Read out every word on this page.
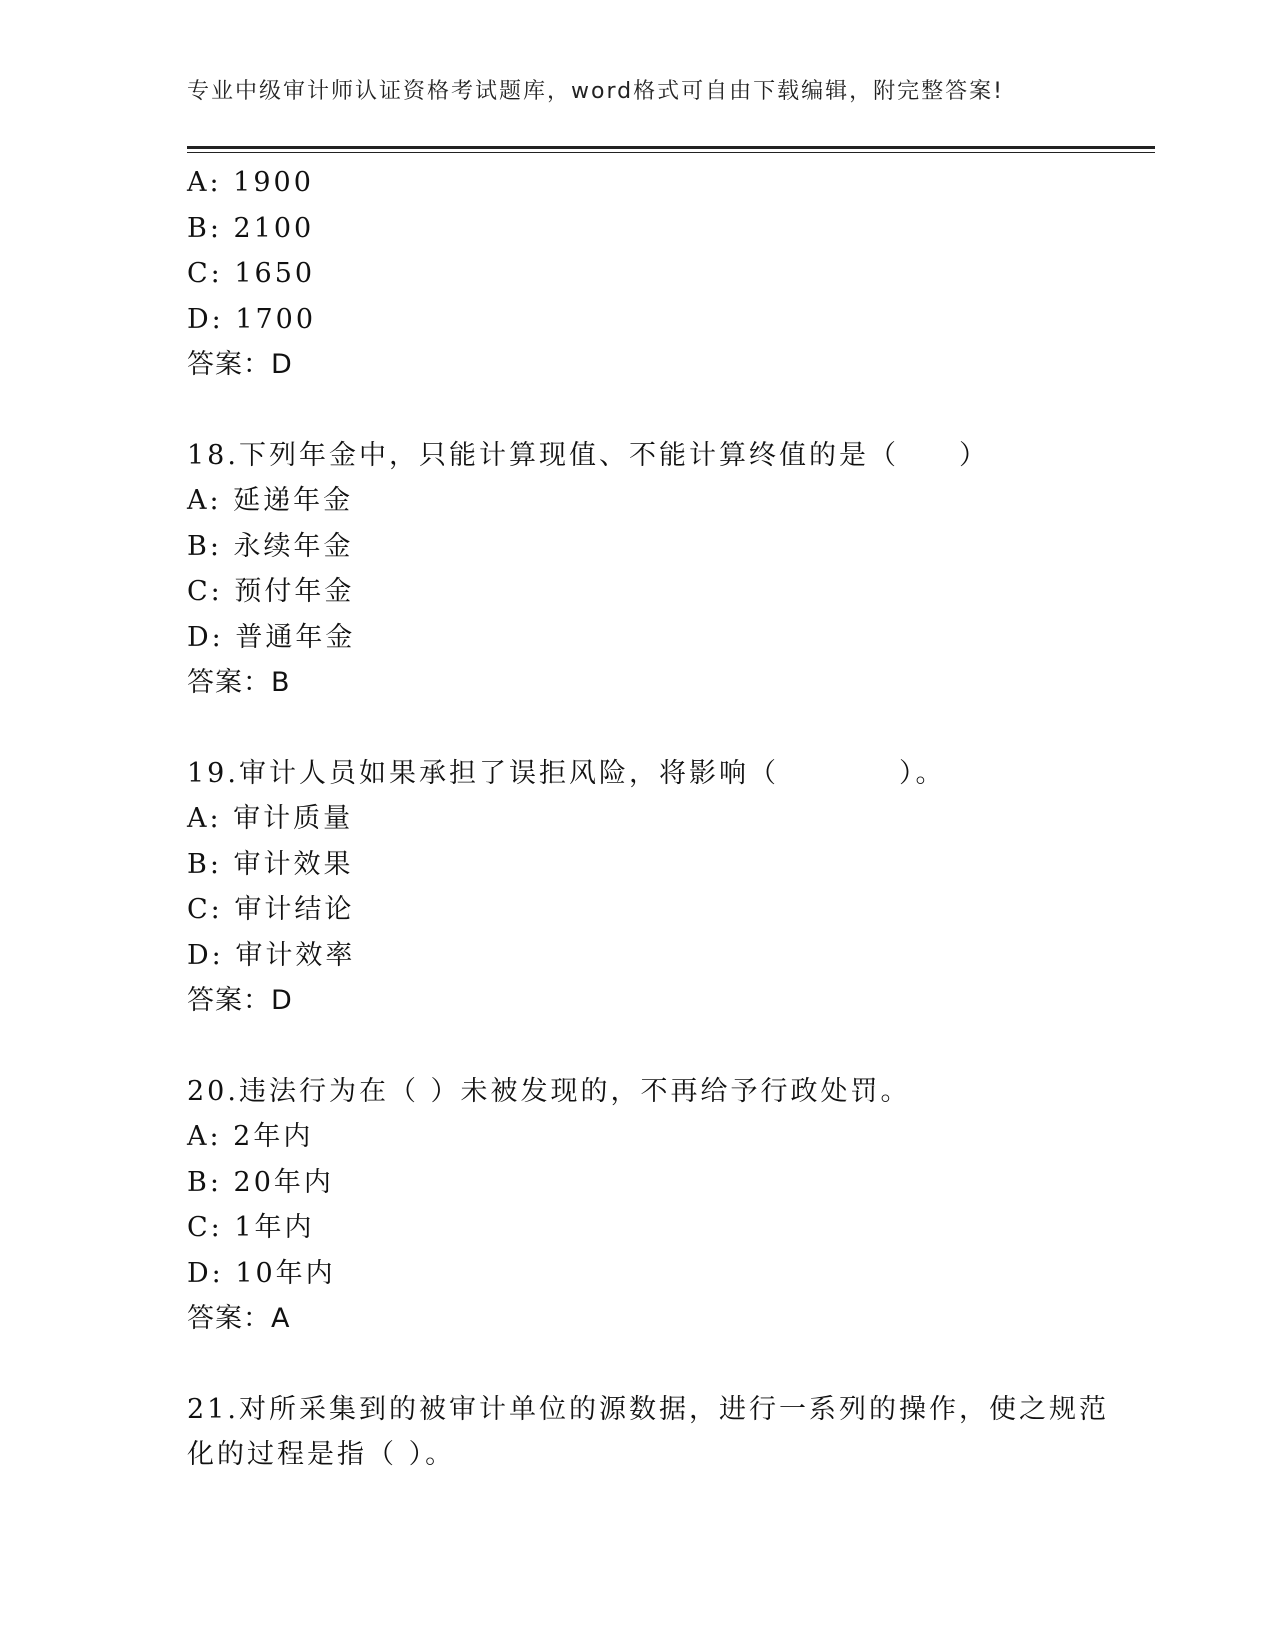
专业中级审计师认证资格考试题库，word格式可自由下载编辑，附完整答案!
A: 1900
B: 2100
C: 1650
D: 1700
答案：D
18.下列年金中，只能计算现值、不能计算终值的是（　　）
A: 延递年金
B: 永续年金
C: 预付年金
D: 普通年金
答案：B
19.审计人员如果承担了误拒风险，将影响（　　　　）。
A: 审计质量
B: 审计效果
C: 审计结论
D: 审计效率
答案：D
20.违法行为在（ ）未被发现的，不再给予行政处罚。
A: 2年内
B: 20年内
C: 1年内
D: 10年内
答案：A
21.对所采集到的被审计单位的源数据，进行一系列的操作，使之规范
化的过程是指（ ）。
